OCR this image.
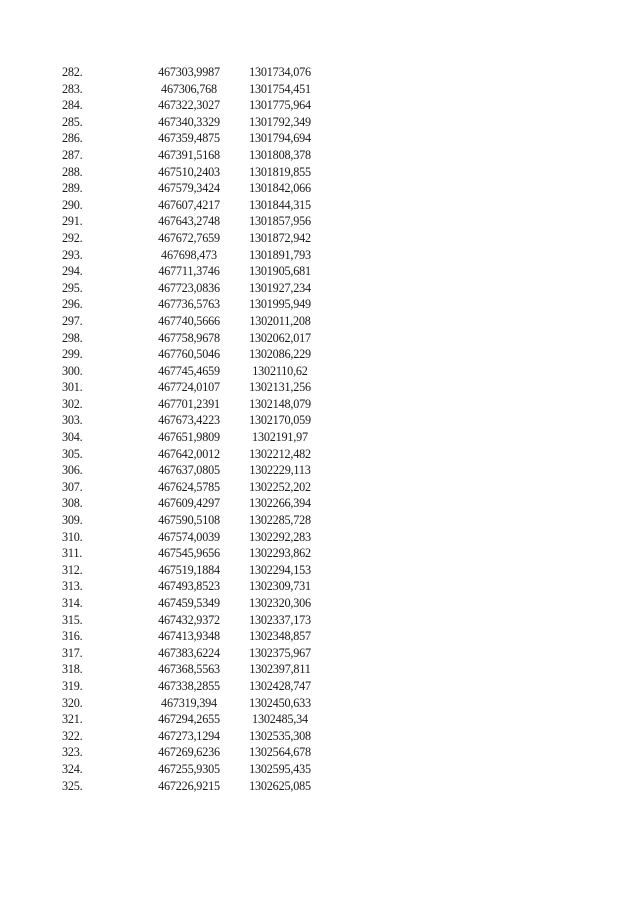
282.	467303,9987	1301734,076
283.	467306,768	1301754,451
284.	467322,3027	1301775,964
285.	467340,3329	1301792,349
286.	467359,4875	1301794,694
287.	467391,5168	1301808,378
288.	467510,2403	1301819,855
289.	467579,3424	1301842,066
290.	467607,4217	1301844,315
291.	467643,2748	1301857,956
292.	467672,7659	1301872,942
293.	467698,473	1301891,793
294.	467711,3746	1301905,681
295.	467723,0836	1301927,234
296.	467736,5763	1301995,949
297.	467740,5666	1302011,208
298.	467758,9678	1302062,017
299.	467760,5046	1302086,229
300.	467745,4659	1302110,62
301.	467724,0107	1302131,256
302.	467701,2391	1302148,079
303.	467673,4223	1302170,059
304.	467651,9809	1302191,97
305.	467642,0012	1302212,482
306.	467637,0805	1302229,113
307.	467624,5785	1302252,202
308.	467609,4297	1302266,394
309.	467590,5108	1302285,728
310.	467574,0039	1302292,283
311.	467545,9656	1302293,862
312.	467519,1884	1302294,153
313.	467493,8523	1302309,731
314.	467459,5349	1302320,306
315.	467432,9372	1302337,173
316.	467413,9348	1302348,857
317.	467383,6224	1302375,967
318.	467368,5563	1302397,811
319.	467338,2855	1302428,747
320.	467319,394	1302450,633
321.	467294,2655	1302485,34
322.	467273,1294	1302535,308
323.	467269,6236	1302564,678
324.	467255,9305	1302595,435
325.	467226,9215	1302625,085
